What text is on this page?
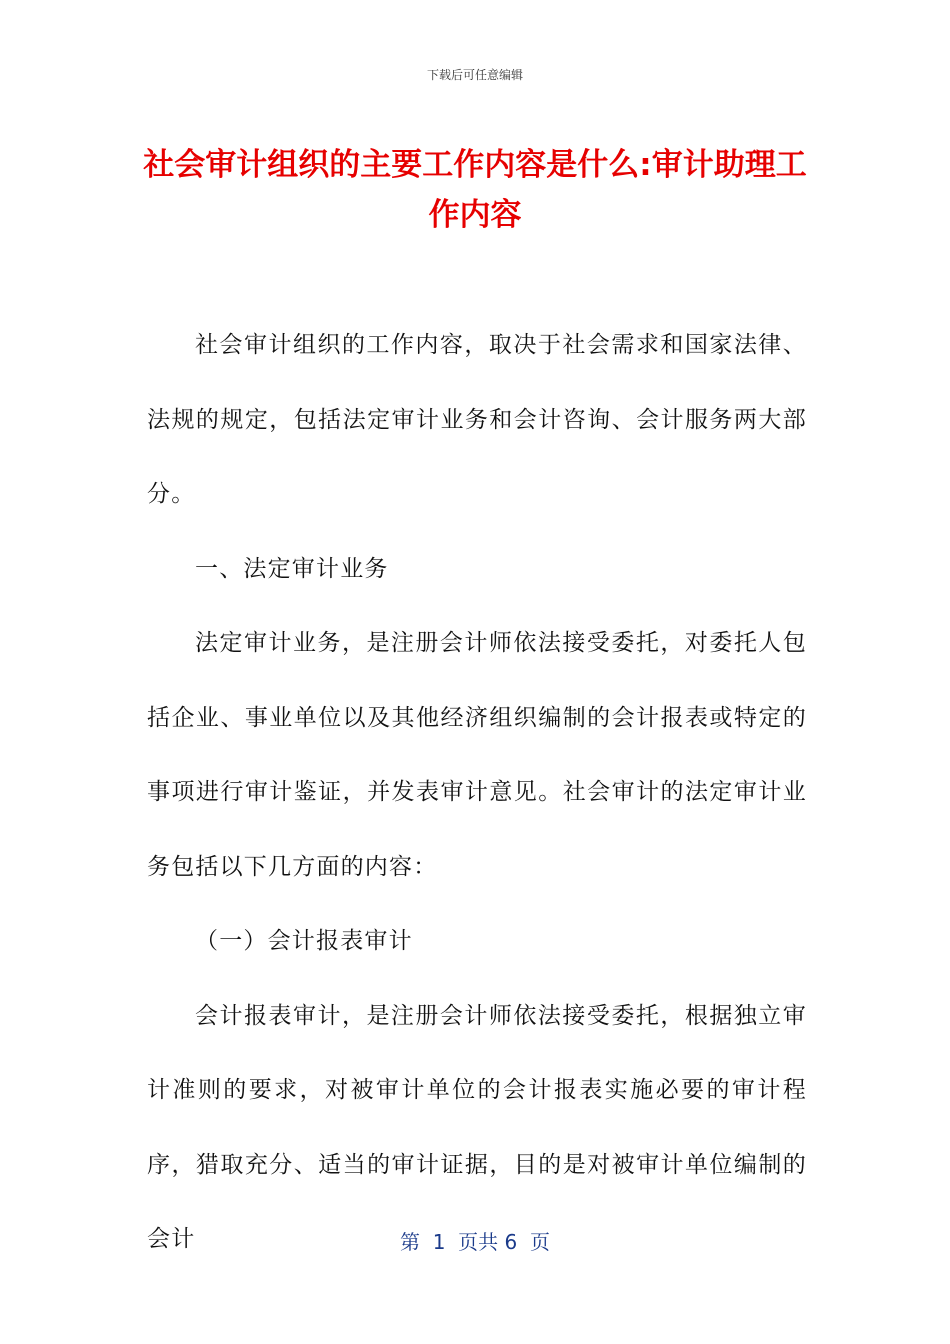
下载后可任意编辑
社会审计组织的主要工作内容是什么:审计助理工作内容

社会审计组织的工作内容，取决于社会需求和国家法律、法规的规定，包括法定审计业务和会计咨询、会计服务两大部分。

一、法定审计业务

法定审计业务，是注册会计师依法接受委托，对委托人包括企业、事业单位以及其他经济组织编制的会计报表或特定的事项进行审计鉴证，并发表审计意见。社会审计的法定审计业务包括以下几方面的内容：

（一）会计报表审计

会计报表审计，是注册会计师依法接受委托，根据独立审计准则的要求，对被审计单位的会计报表实施必要的审计程序，猎取充分、适当的审计证据，目的是对被审计单位编制的会计	第  1  页共 6  页
